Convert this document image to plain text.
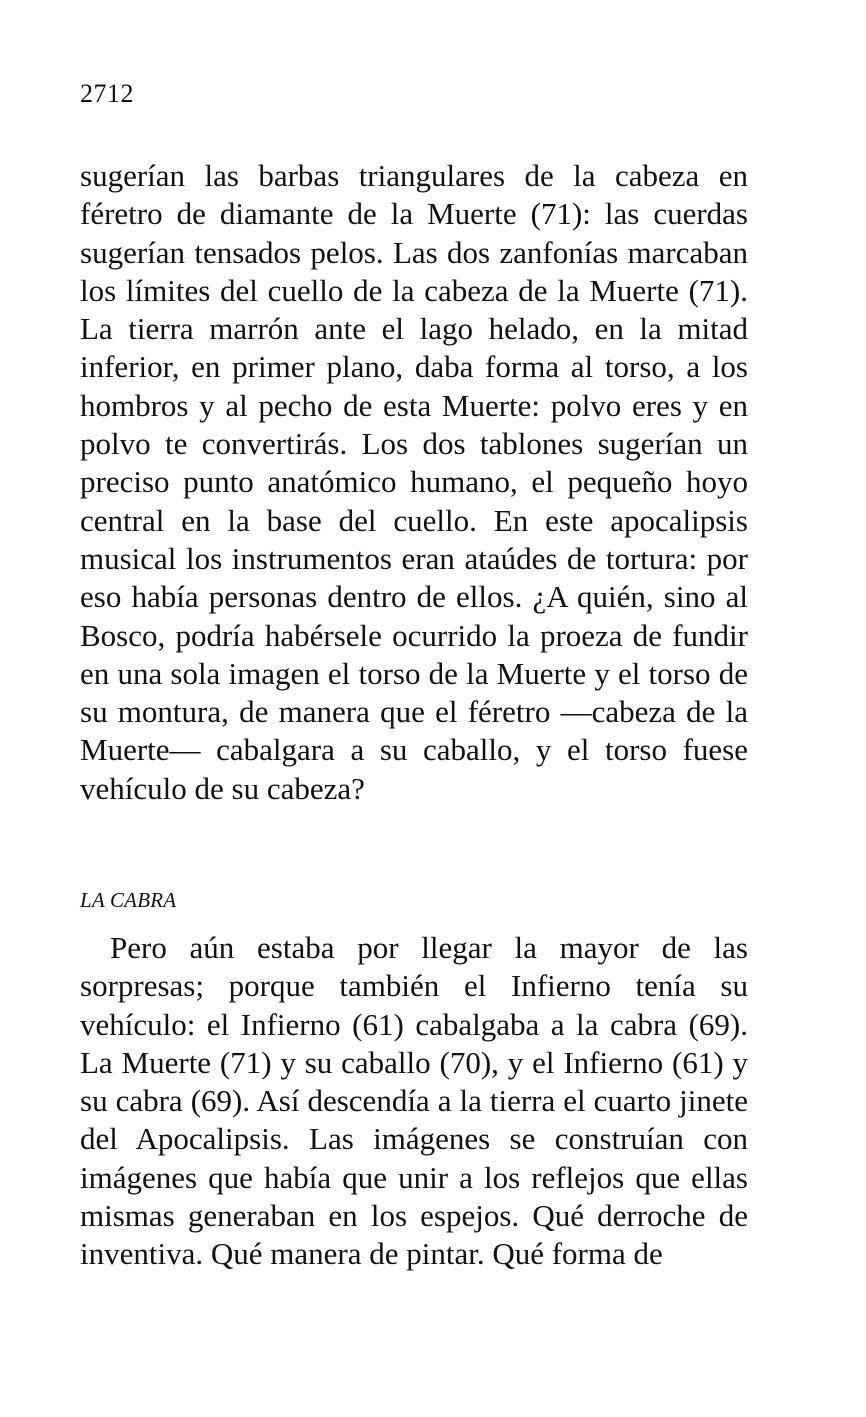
2712

sugerían las barbas triangulares de la cabeza en féretro de diamante de la Muerte (71): las cuerdas sugerían tensados pelos. Las dos zanfonías marcaban los límites del cuello de la cabeza de la Muerte (71). La tierra marrón ante el lago helado, en la mitad inferior, en primer plano, daba forma al torso, a los hombros y al pecho de esta Muerte: polvo eres y en polvo te convertirás. Los dos tablones sugerían un preciso punto anatómico humano, el pequeño hoyo central en la base del cuello. En este apocalipsis musical los instrumentos eran ataúdes de tortura: por eso había personas dentro de ellos. ¿A quién, sino al Bosco, podría habérsele ocurrido la proeza de fundir en una sola imagen el torso de la Muerte y el torso de su montura, de manera que el féretro —cabeza de la Muerte— cabalgara a su caballo, y el torso fuese vehículo de su cabeza?

LA CABRA

Pero aún estaba por llegar la mayor de las sorpresas; porque también el Infierno tenía su vehículo: el Infierno (61) cabalgaba a la cabra (69). La Muerte (71) y su caballo (70), y el Infierno (61) y su cabra (69). Así descendía a la tierra el cuarto jinete del Apocalipsis. Las imágenes se construían con imágenes que había que unir a los reflejos que ellas mismas generaban en los espejos. Qué derroche de inventiva. Qué manera de pintar. Qué forma de
